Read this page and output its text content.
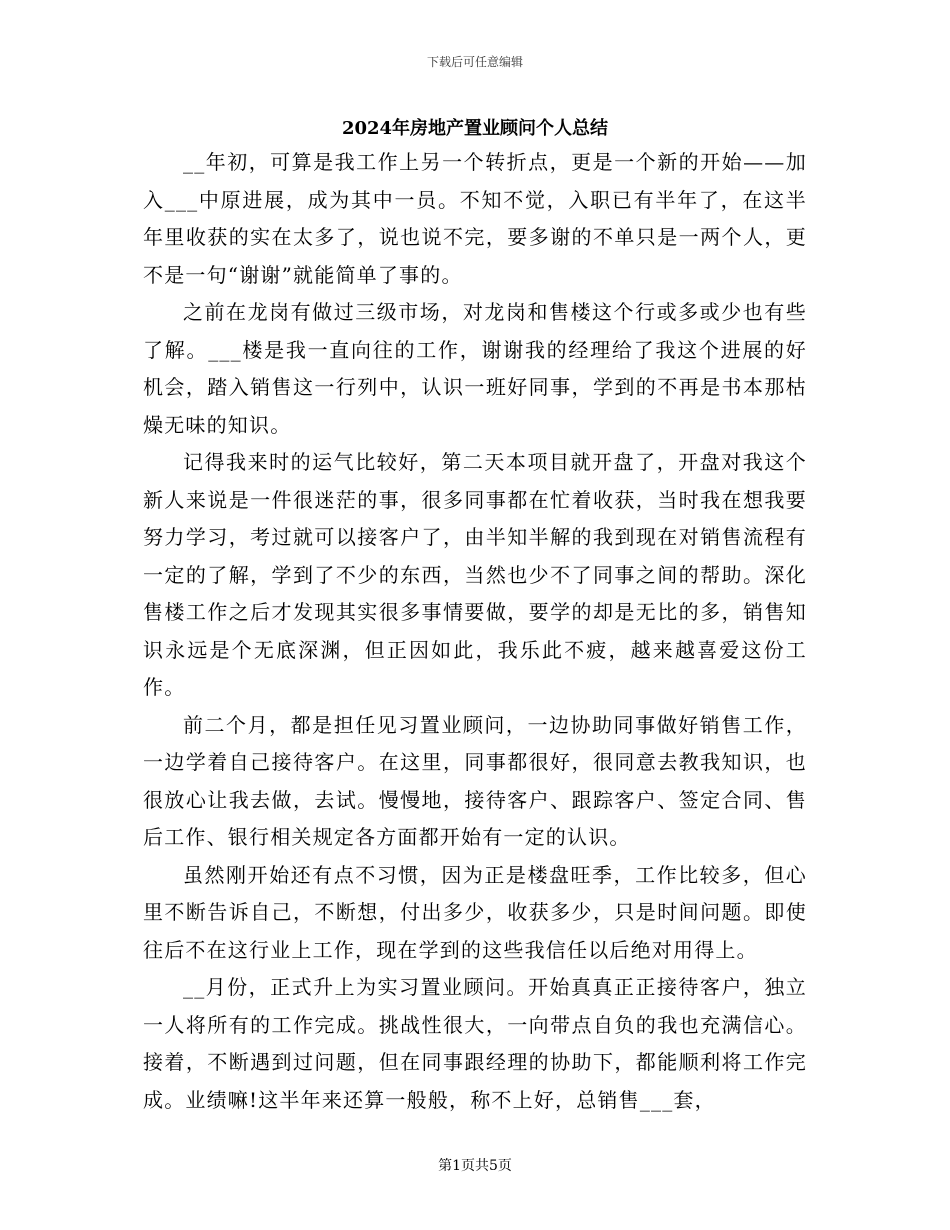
下载后可任意编辑
2024年房地产置业顾问个人总结

__年初，可算是我工作上另一个转折点，更是一个新的开始——加入___中原进展，成为其中一员。不知不觉，入职已有半年了，在这半年里收获的实在太多了，说也说不完，要多谢的不单只是一两个人，更不是一句“谢谢”就能简单了事的。

之前在龙岗有做过三级市场，对龙岗和售楼这个行或多或少也有些了解。___楼是我一直向往的工作，谢谢我的经理给了我这个进展的好机会，踏入销售这一行列中，认识一班好同事，学到的不再是书本那枯燥无味的知识。

记得我来时的运气比较好，第二天本项目就开盘了，开盘对我这个新人来说是一件很迷茫的事，很多同事都在忙着收获，当时我在想我要努力学习，考过就可以接客户了，由半知半解的我到现在对销售流程有一定的了解，学到了不少的东西，当然也少不了同事之间的帮助。深化售楼工作之后才发现其实很多事情要做，要学的却是无比的多，销售知识永远是个无底深渊，但正因如此，我乐此不疲，越来越喜爱这份工作。

前二个月，都是担任见习置业顾问，一边协助同事做好销售工作，一边学着自己接待客户。在这里，同事都很好，很同意去教我知识，也很放心让我去做，去试。慢慢地，接待客户、跟踪客户、签定合同、售后工作、银行相关规定各方面都开始有一定的认识。

虽然刚开始还有点不习惯，因为正是楼盘旺季，工作比较多，但心里不断告诉自己，不断想，付出多少，收获多少，只是时间问题。即使往后不在这行业上工作，现在学到的这些我信任以后绝对用得上。

__月份，正式升上为实习置业顾问。开始真真正正接待客户，独立一人将所有的工作完成。挑战性很大，一向带点自负的我也充满信心。接着，不断遇到过问题，但在同事跟经理的协助下，都能顺利将工作完成。业绩嘛!这半年来还算一般般，称不上好，总销售___套，

第1页共5页
